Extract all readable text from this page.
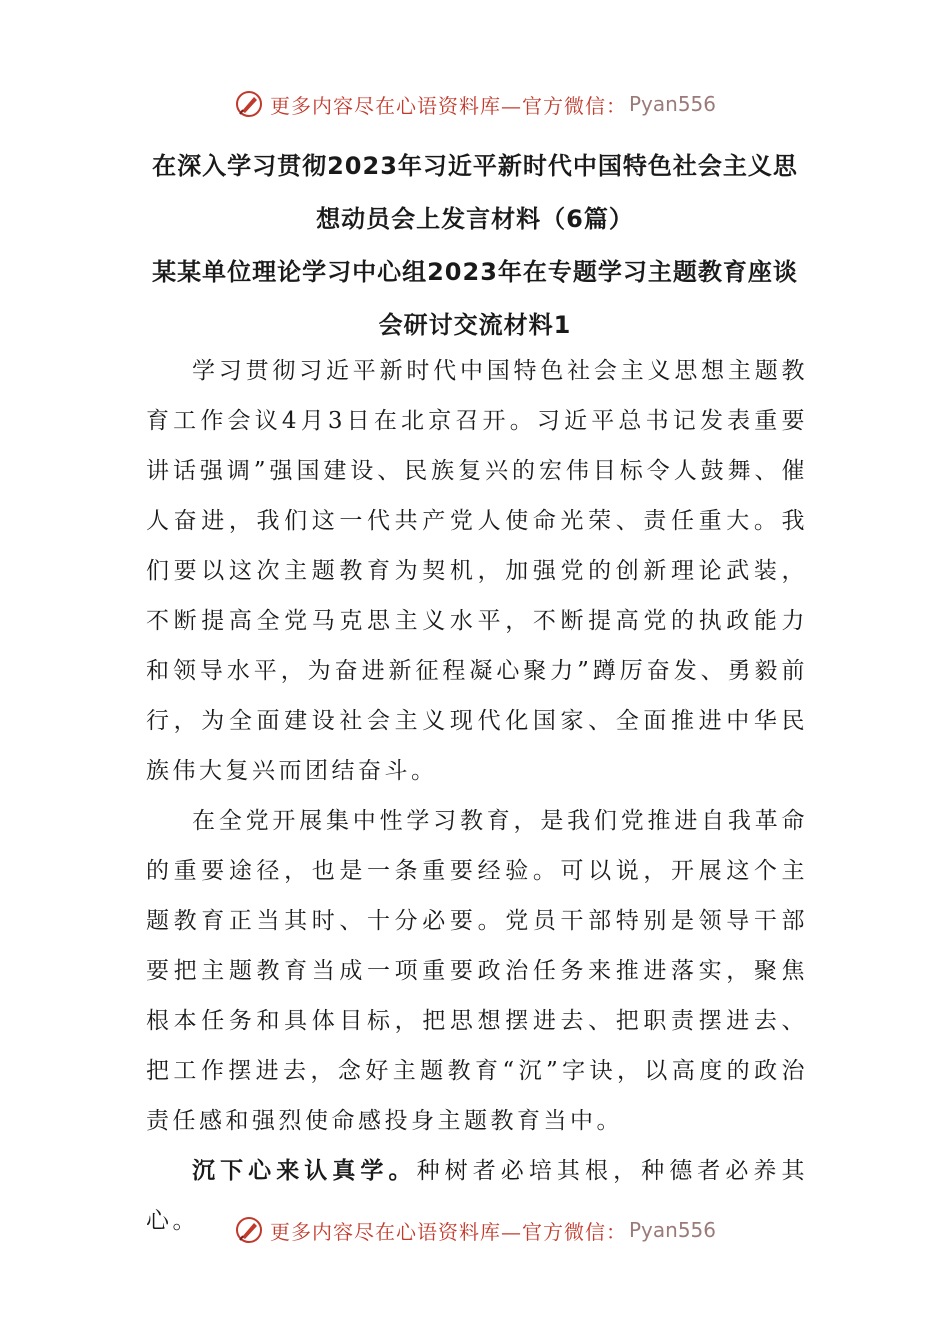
更多内容尽在心语资料库—官方微信： Pyan556

在深入学习贯彻2023年习近平新时代中国特色社会主义思

想动员会上发言材料（6篇）

某某单位理论学习中心组2023年在专题学习主题教育座谈

会研讨交流材料1

学习贯彻习近平新时代中国特色社会主义思想主题教育工作会议4月3日在北京召开。习近平总书记发表重要讲话强调”强国建设、民族复兴的宏伟目标令人鼓舞、催人奋进，我们这一代共产党人使命光荣、责任重大。我们要以这次主题教育为契机，加强党的创新理论武装，不断提高全党马克思主义水平，不断提高党的执政能力和领导水平，为奋进新征程凝心聚力”蹲厉奋发、勇毅前行，为全面建设社会主义现代化国家、全面推进中华民族伟大复兴而团结奋斗。

在全党开展集中性学习教育，是我们党推进自我革命的重要途径，也是一条重要经验。可以说，开展这个主题教育正当其时、十分必要。党员干部特别是领导干部要把主题教育当成一项重要政治任务来推进落实，聚焦根本任务和具体目标，把思想摆进去、把职责摆进去、把工作摆进去，念好主题教育“沉”字诀，以高度的政治责任感和强烈使命感投身主题教育当中。

沉下心来认真学。种树者必培其根，种德者必养其心。	更多内容尽在心语资料库—官方微信： Pyan556
